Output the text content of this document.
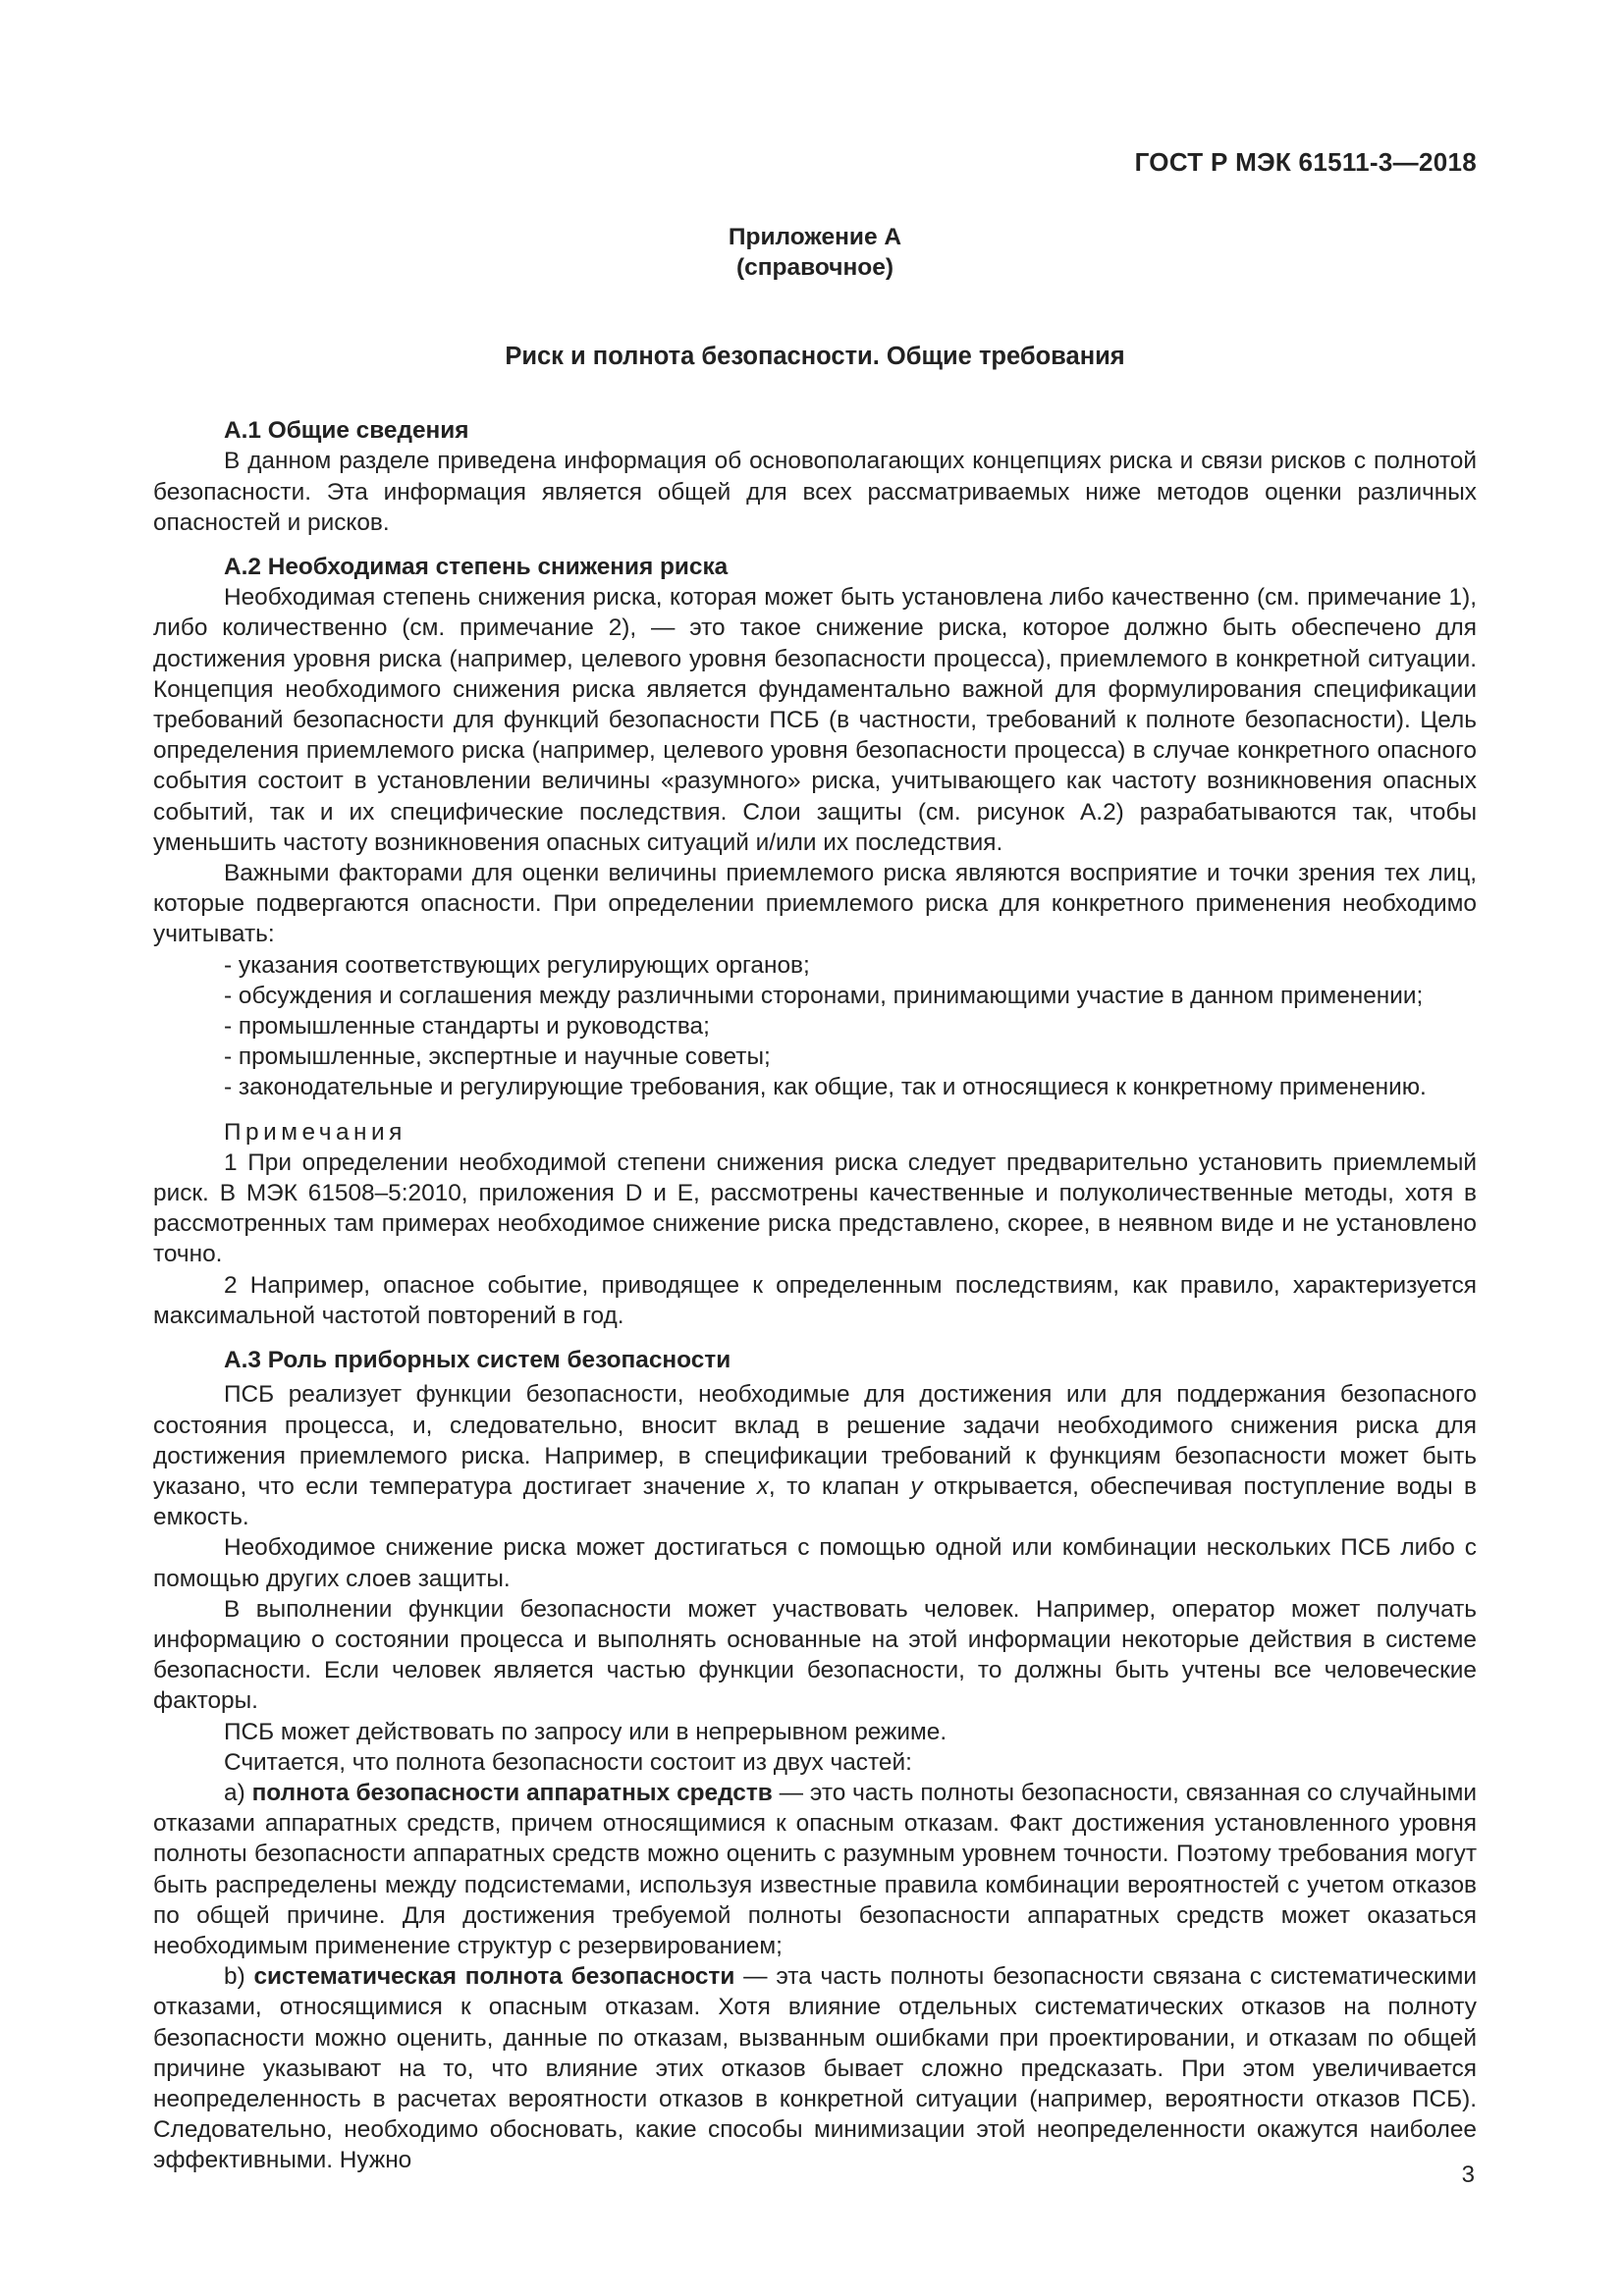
ГОСТ Р МЭК 61511-3—2018
Приложение А
(справочное)
Риск и полнота безопасности. Общие требования
А.1 Общие сведения

В данном разделе приведена информация об основополагающих концепциях риска и связи рисков с полнотой безопасности. Эта информация является общей для всех рассматриваемых ниже методов оценки различных опасностей и рисков.

А.2 Необходимая степень снижения риска

Необходимая степень снижения риска, которая может быть установлена либо качественно (см. примечание 1), либо количественно (см. примечание 2), — это такое снижение риска, которое должно быть обеспечено для достижения уровня риска (например, целевого уровня безопасности процесса), приемлемого в конкретной ситуации. Концепция необходимого снижения риска является фундаментально важной для формулирования спецификации требований безопасности для функций безопасности ПСБ (в частности, требований к полноте безопасности). Цель определения приемлемого риска (например, целевого уровня безопасности процесса) в случае конкретного опасного события состоит в установлении величины «разумного» риска, учитывающего как частоту возникновения опасных событий, так и их специфические последствия. Слои защиты (см. рисунок А.2) разрабатываются так, чтобы уменьшить частоту возникновения опасных ситуаций и/или их последствия.

Важными факторами для оценки величины приемлемого риска являются восприятие и точки зрения тех лиц, которые подвергаются опасности. При определении приемлемого риска для конкретного применения необходимо учитывать:

- указания соответствующих регулирующих органов;
- обсуждения и соглашения между различными сторонами, принимающими участие в данном применении;
- промышленные стандарты и руководства;
- промышленные, экспертные и научные советы;
- законодательные и регулирующие требования, как общие, так и относящиеся к конкретному применению.
Примечания

1 При определении необходимой степени снижения риска следует предварительно установить приемлемый риск. В МЭК 61508–5:2010, приложения D и E, рассмотрены качественные и полуколичественные методы, хотя в рассмотренных там примерах необходимое снижение риска представлено, скорее, в неявном виде и не установлено точно.

2 Например, опасное событие, приводящее к определенным последствиям, как правило, характеризуется максимальной частотой повторений в год.

А.3 Роль приборных систем безопасности

ПСБ реализует функции безопасности, необходимые для достижения или для поддержания безопасного состояния процесса, и, следовательно, вносит вклад в решение задачи необходимого снижения риска для достижения приемлемого риска. Например, в спецификации требований к функциям безопасности может быть указано, что если температура достигает значение x, то клапан y открывается, обеспечивая поступление воды в емкость.

Необходимое снижение риска может достигаться с помощью одной или комбинации нескольких ПСБ либо с помощью других слоев защиты.

В выполнении функции безопасности может участвовать человек. Например, оператор может получать информацию о состоянии процесса и выполнять основанные на этой информации некоторые действия в системе безопасности. Если человек является частью функции безопасности, то должны быть учтены все человеческие факторы.

ПСБ может действовать по запросу или в непрерывном режиме.

Считается, что полнота безопасности состоит из двух частей:

a) полнота безопасности аппаратных средств — это часть полноты безопасности, связанная со случайными отказами аппаратных средств, причем относящимися к опасным отказам. Факт достижения установленного уровня полноты безопасности аппаратных средств можно оценить с разумным уровнем точности. Поэтому требования могут быть распределены между подсистемами, используя известные правила комбинации вероятностей с учетом отказов по общей причине. Для достижения требуемой полноты безопасности аппаратных средств может оказаться необходимым применение структур с резервированием;

b) систематическая полнота безопасности — эта часть полноты безопасности связана с систематическими отказами, относящимися к опасным отказам. Хотя влияние отдельных систематических отказов на полноту безопасности можно оценить, данные по отказам, вызванным ошибками при проектировании, и отказам по общей причине указывают на то, что влияние этих отказов бывает сложно предсказать. При этом увеличивается неопределенность в расчетах вероятности отказов в конкретной ситуации (например, вероятности отказов ПСБ). Следовательно, необходимо обосновать, какие способы минимизации этой неопределенности окажутся наиболее эффективными. Нужно

3
